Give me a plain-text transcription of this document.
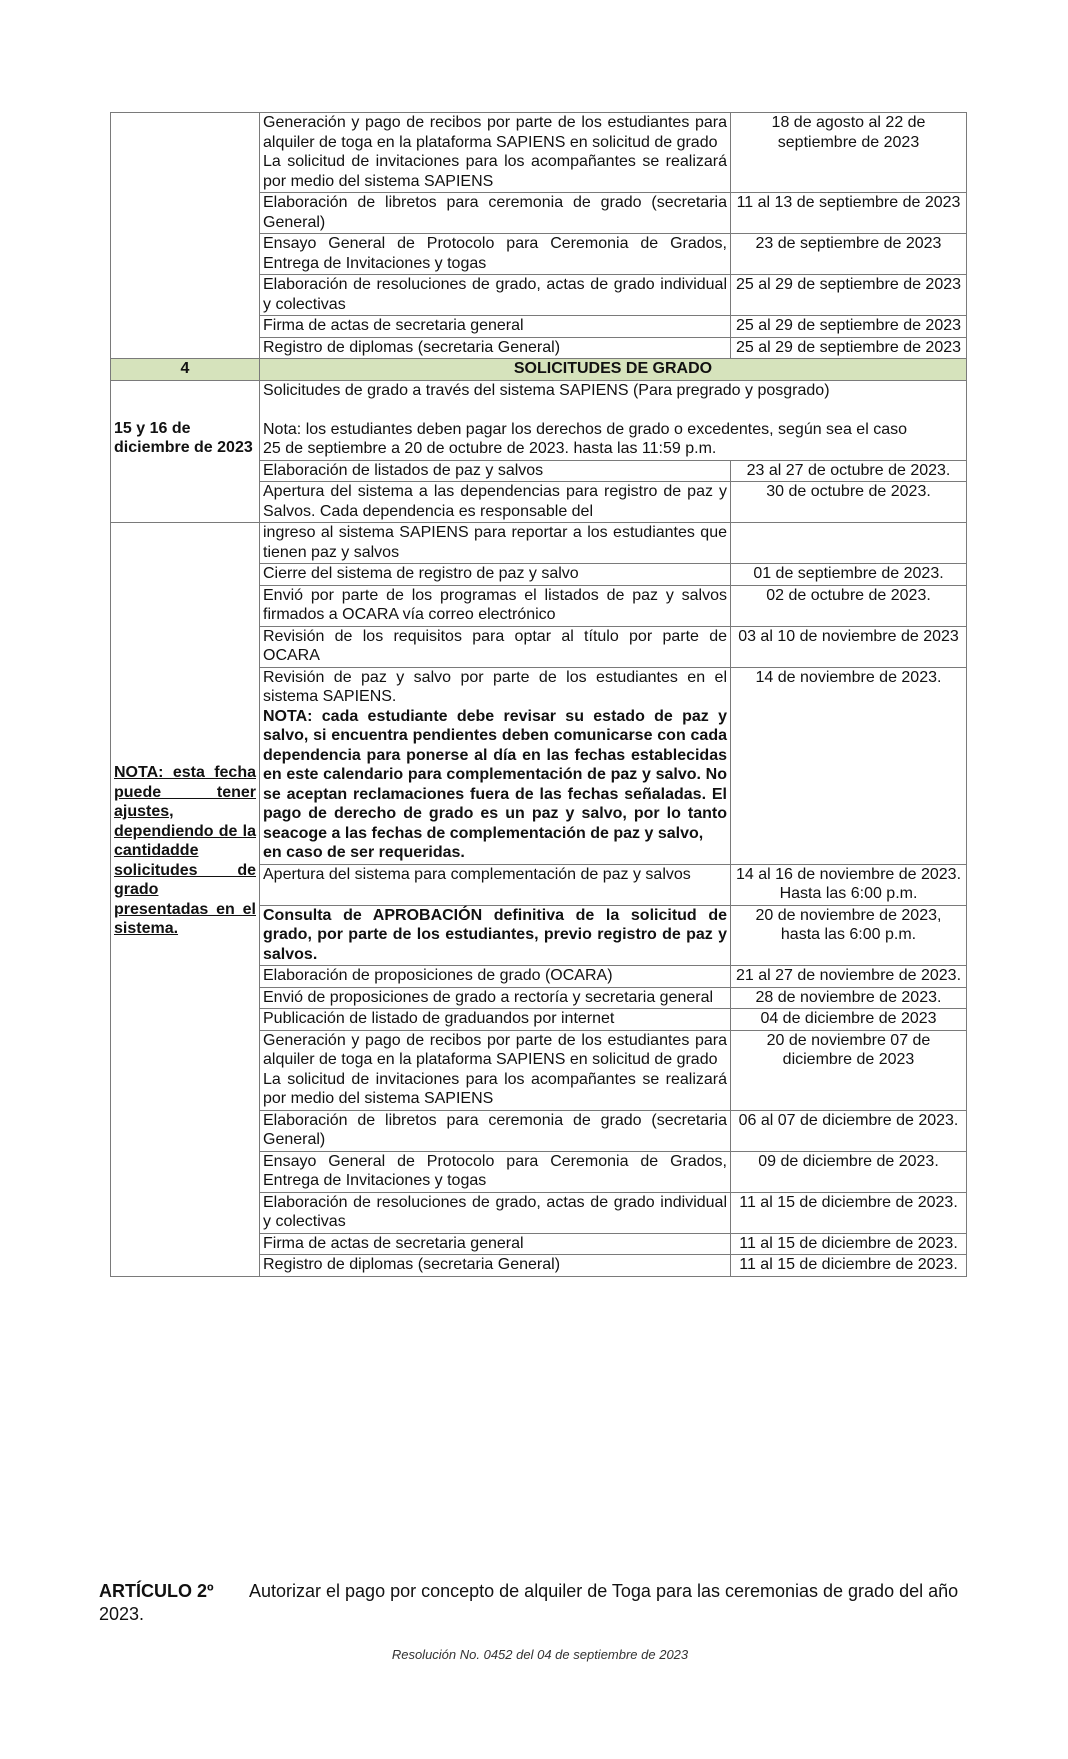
	Generación y pago de recibos por parte de los estudiantes para alquiler de toga en la plataforma SAPIENS en solicitud de grado
La solicitud de invitaciones para los acompañantes se realizará por medio del sistema SAPIENS	18 de agosto al 22 de septiembre de 2023
	Elaboración de libretos para ceremonia de grado (secretaria General)	11 al 13 de septiembre de 2023
	Ensayo General de Protocolo para Ceremonia de Grados, Entrega de Invitaciones y togas	23 de septiembre de 2023
	Elaboración de resoluciones de grado, actas de grado individual y colectivas	25 al 29 de septiembre de 2023
	Firma de actas de secretaria general	25 al 29 de septiembre de 2023
	Registro de diplomas (secretaria General)	25 al 29 de septiembre de 2023
4	SOLICITUDES DE GRADO	

15 y 16 de diciembre de 2023	Solicitudes de grado a través del sistema SAPIENS (Para pregrado y posgrado)

Nota: los estudiantes deben pagar los derechos de grado o excedentes, según sea el caso
25 de septiembre a 20 de octubre de 2023. hasta las 11:59 p.m.	
	Elaboración de listados de paz y salvos	23 al 27 de octubre de 2023.
	Apertura del sistema a las dependencias para registro de paz y Salvos. Cada dependencia es responsable del	30 de octubre de 2023.

NOTA: esta fecha puede tener ajustes, dependiendo de la cantidadde solicitudes de grado presentadas en el sistema.	ingreso al sistema SAPIENS para reportar a los estudiantes que tienen paz y salvos	
	Cierre del sistema de registro de paz y salvo	01 de septiembre de 2023.
	Envió por parte de los programas el listados de paz y salvos firmados a OCARA vía correo electrónico	02 de octubre de 2023.
	Revisión de los requisitos para optar al título por parte de OCARA	03 al 10 de noviembre de 2023
	Revisión de paz y salvo por parte de los estudiantes en el sistema SAPIENS.
NOTA: cada estudiante debe revisar su estado de paz y salvo, si encuentra pendientes deben comunicarse con cada dependencia para ponerse al día en las fechas establecidas en este calendario para complementación de paz y salvo. No se aceptan reclamaciones fuera de las fechas señaladas. El pago de derecho de grado es un paz y salvo, por lo tanto seacoge a las fechas de complementación de paz y salvo,
en caso de ser requeridas.	14 de noviembre de 2023.
	Apertura del sistema para complementación de paz y salvos	14 al 16 de noviembre de 2023. Hasta las 6:00 p.m.
	Consulta de APROBACIÓN definitiva de la solicitud de grado, por parte de los estudiantes, previo registro de paz y salvos.	20 de noviembre de 2023, hasta las 6:00 p.m.
	Elaboración de proposiciones de grado (OCARA)	21 al 27 de noviembre de 2023.
	Envió de proposiciones de grado a rectoría y secretaria general	28 de noviembre de 2023.
	Publicación de listado de graduandos por internet	04 de diciembre de 2023
	Generación y pago de recibos por parte de los estudiantes para alquiler de toga en la plataforma SAPIENS en solicitud de grado
La solicitud de invitaciones para los acompañantes se realizará por medio del sistema SAPIENS	20 de noviembre 07 de diciembre de 2023
	Elaboración de libretos para ceremonia de grado (secretaria General)	06 al 07 de diciembre de 2023.
	Ensayo General de Protocolo para Ceremonia de Grados, Entrega de Invitaciones y togas	09 de diciembre de 2023.
	Elaboración de resoluciones de grado, actas de grado individual y colectivas	11 al 15 de diciembre de 2023.
	Firma de actas de secretaria general	11 al 15 de diciembre de 2023.
	Registro de diplomas (secretaria General)	11 al 15 de diciembre de 2023.
ARTÍCULO 2º Autorizar el pago por concepto de alquiler de Toga para las ceremonias de grado del año 2023.
Resolución No. 0452 del 04 de septiembre de 2023
